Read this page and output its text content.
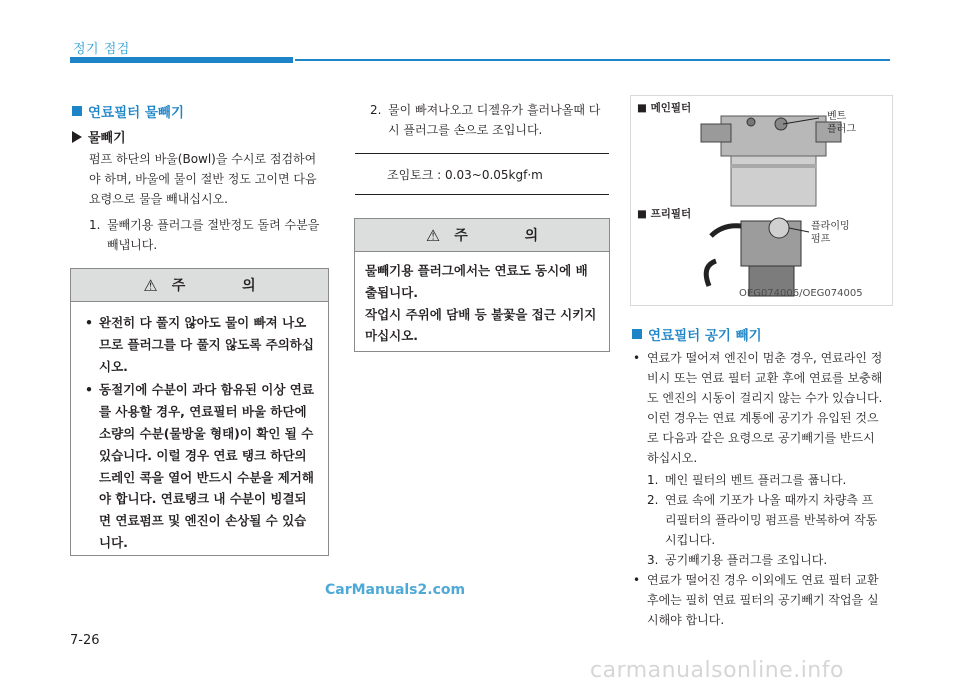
정기 점검
연료필터 물빼기
물빼기
펌프 하단의 바울(Bowl)을 수시로 점검하여
야 하며, 바울에 물이 절반 정도 고이면 다음
요령으로 물을 빼내십시오.
1. 물빼기용 플러그를 절반정도 돌려 수분을
빼냅니다.
⚠ 주 의
• 완전히 다 풀지 않아도 물이 빠져 나오
므로 플러그를 다 풀지 않도록 주의하십
시오.
• 동절기에 수분이 과다 함유된 이상 연료
를 사용할 경우, 연료필터 바울 하단에
소량의 수분(물방울 형태)이 확인 될 수
있습니다. 이럴 경우 연료 탱크 하단의
드레인 콕을 열어 반드시 수분을 제거해
야 합니다. 연료탱크 내 수분이 빙결되
면 연료펌프 및 엔진이 손상될 수 있습
니다.
2. 물이 빠져나오고 디젤유가 흘러나올때 다
시 플러그를 손으로 조입니다.
조임토크 : 0.03~0.05kgf·m
⚠ 주 의
물빼기용 플러그에서는 연료도 동시에 배
출됩니다.
작업시 주위에 담배 등 불꽃을 접근 시키지
마십시오.
■ 메인필터
■ 프리필터
벤트
플러그
플라이밍
펌프
OEG074006/OEG074005
연료필터 공기 빼기
• 연료가 떨어져 엔진이 멈춘 경우, 연료라인 정
비시 또는 연료 필터 교환 후에 연료를 보충해
도 엔진의 시동이 걸리지 않는 수가 있습니다.
이런 경우는 연료 계통에 공기가 유입된 것으
로 다음과 같은 요령으로 공기빼기를 반드시
하십시오.
1. 메인 필터의 벤트 플러그를 풉니다.
2. 연료 속에 기포가 나올 때까지 차량측 프
리필터의 플라이밍 펌프를 반복하여 작동
시킵니다.
3. 공기빼기용 플러그를 조입니다.
• 연료가 떨어진 경우 이외에도 연료 필터 교환
후에는 필히 연료 필터의 공기빼기 작업을 실
시해야 합니다.
CarManuals2.com
7-26
carmanualsonline.info
